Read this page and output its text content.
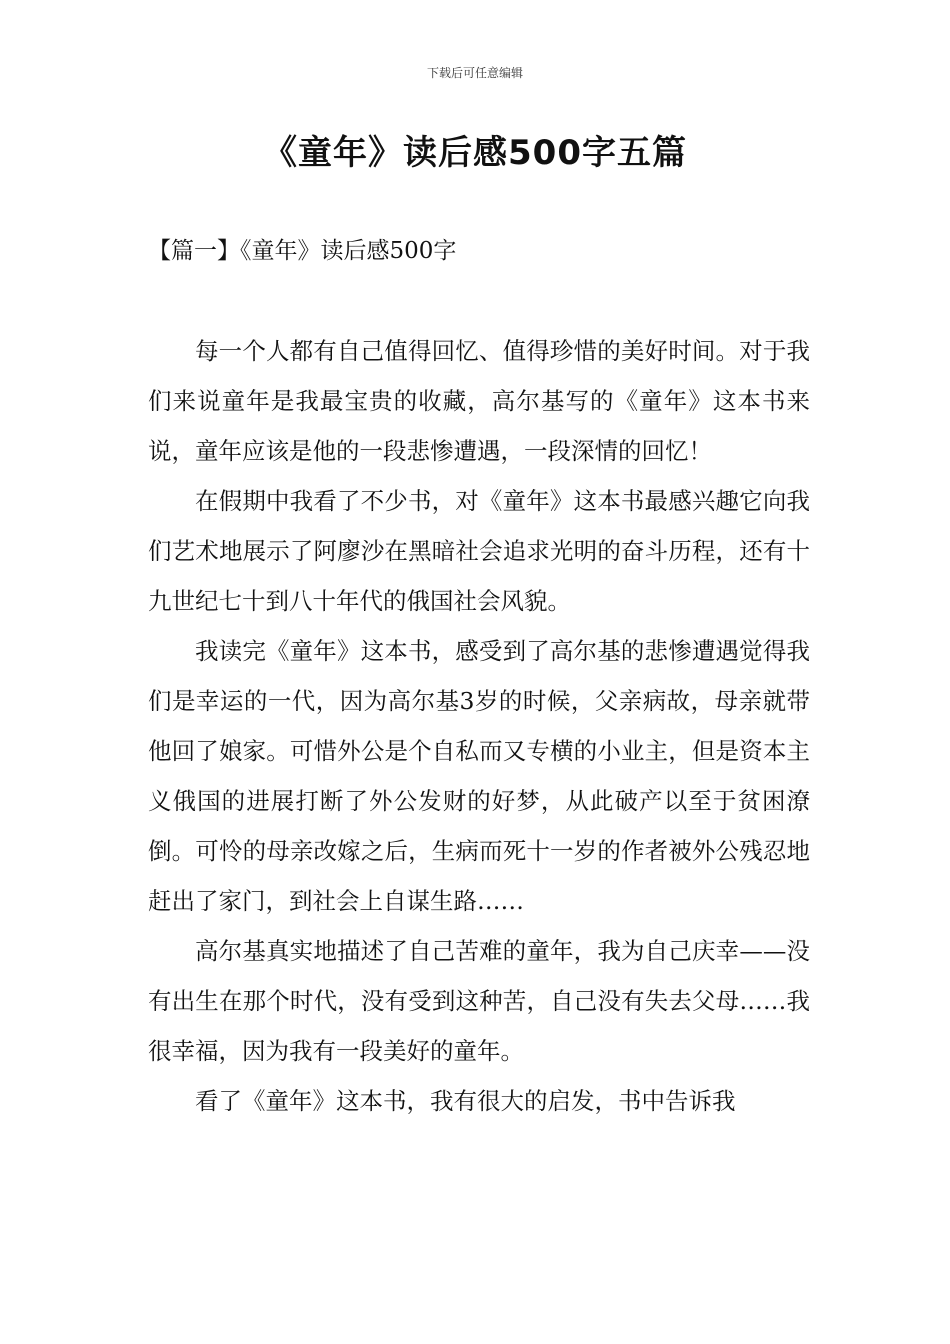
下载后可任意编辑
《童年》读后感500字五篇
【篇一】《童年》读后感500字

每一个人都有自己值得回忆、值得珍惜的美好时间。对于我们来说童年是我最宝贵的收藏，高尔基写的《童年》这本书来说，童年应该是他的一段悲惨遭遇，一段深情的回忆！

在假期中我看了不少书，对《童年》这本书最感兴趣它向我们艺术地展示了阿廖沙在黑暗社会追求光明的奋斗历程，还有十九世纪七十到八十年代的俄国社会风貌。

我读完《童年》这本书，感受到了高尔基的悲惨遭遇觉得我们是幸运的一代，因为高尔基3岁的时候，父亲病故，母亲就带他回了娘家。可惜外公是个自私而又专横的小业主，但是资本主义俄国的进展打断了外公发财的好梦，从此破产以至于贫困潦倒。可怜的母亲改嫁之后，生病而死十一岁的作者被外公残忍地赶出了家门，到社会上自谋生路……

高尔基真实地描述了自己苦难的童年，我为自己庆幸——没有出生在那个时代，没有受到这种苦，自己没有失去父母……我很幸福，因为我有一段美好的童年。

看了《童年》这本书，我有很大的启发，书中告诉我
